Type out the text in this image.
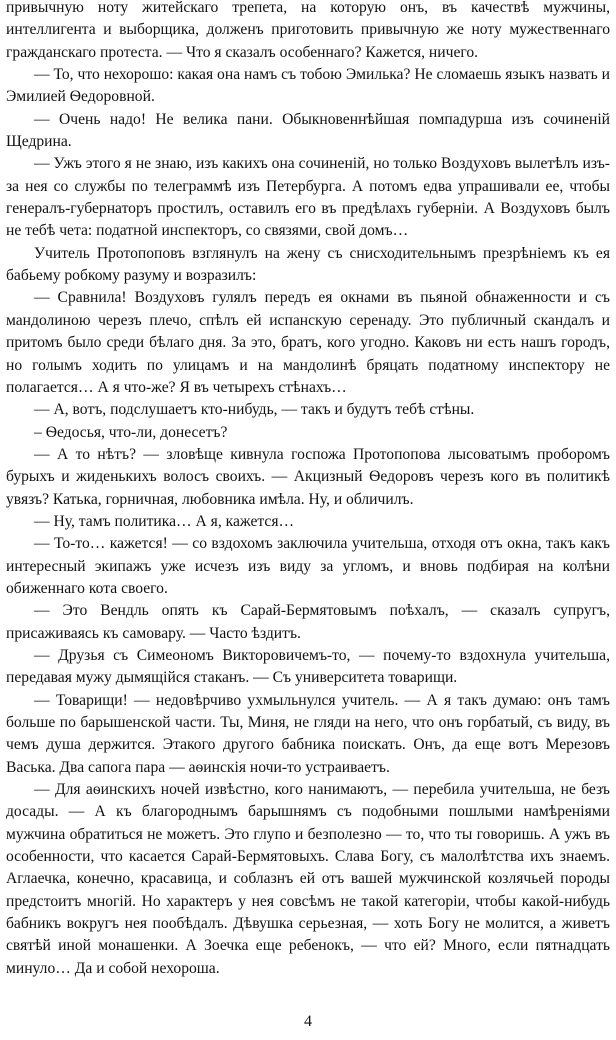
привычную ноту житейскаго трепета, на которую онъ, въ качествѣ мужчины, интеллигента и выборщика, долженъ приготовить привычную же ноту мужественнаго гражданскаго протеста. — Что я сказалъ особеннаго? Кажется, ничего.

— То, что нехорошо: какая она намъ съ тобою Эмилька? Не сломаешь языкъ назвать и Эмилией Ѳедоровной.

— Очень надо! Не велика пани. Обыкновеннѣйшая помпадурша изъ сочиненій Щедрина.

— Ужъ этого я не знаю, изъ какихъ она сочиненій, но только Воздуховъ вылетѣлъ изъ-за нея со службы по телеграммѣ изъ Петербурга. А потомъ едва упрашивали ее, чтобы генералъ-губернаторъ простилъ, оставилъ его въ предѣлахъ губерніи. А Воздуховъ былъ не тебѣ чета: податной инспекторъ, со связями, свой домъ…

Учитель Протопоповъ взглянулъ на жену съ снисходительнымъ презрѣніемъ къ ея бабьему робкому разуму и возразилъ:

— Сравнила! Воздуховъ гулялъ передъ ея окнами въ пьяной обнаженности и съ мандолиною черезъ плечо, спѣлъ ей испанскую серенаду. Это публичный скандалъ и притомъ было среди бѣлаго дня. За это, братъ, кого угодно. Каковъ ни есть нашъ городъ, но голымъ ходить по улицамъ и на мандолинѣ бряцать податному инспектору не полагается… А я что-же? Я въ четырехъ стѣнахъ…

— А, вотъ, подслушаетъ кто-нибудь, — такъ и будутъ тебѣ стѣны.

– Ѳедосья, что-ли, донесетъ?

— А то нѣтъ? — зловѣще кивнула госпожа Протопопова лысоватымъ проборомъ бурыхъ и жиденькихъ волосъ своихъ. — Акцизный Ѳедоровъ черезъ кого въ политикѣ увязъ? Катька, горничная, любовника имѣла. Ну, и обличилъ.

— Ну, тамъ политика… А я, кажется…

— То-то… кажется! — со вздохомъ заключила учительша, отходя отъ окна, такъ какъ интересный экипажъ уже исчезъ изъ виду за угломъ, и вновь подбирая на колѣни обиженнаго кота своего.

— Это Вендль опять къ Сарай-Бермятовымъ поѣхалъ, — сказалъ супругъ, присаживаясь къ самовару. — Часто ѣздитъ.

— Друзья съ Симеономъ Викторовичемъ-то, — почему-то вздохнула учительша, передавая мужу дымящійся стаканъ. — Съ университета товарищи.

— Товарищи! — недовѣрчиво ухмыльнулся учитель. — А я такъ думаю: онъ тамъ больше по барышенской части. Ты, Миня, не гляди на него, что онъ горбатый, съ виду, въ чемъ душа держится. Этакого другого бабника поискать. Онъ, да еще вотъ Мерезовъ Васька. Два сапога пара — аѳинскія ночи-то устраиваетъ.

— Для аѳинскихъ ночей извѣстно, кого нанимаютъ, — перебила учительша, не безъ досады. — А къ благороднымъ барышнямъ съ подобными пошлыми намѣреніями мужчина обратиться не можетъ. Это глупо и безполезно — то, что ты говоришь. А ужъ въ особенности, что касается Сарай-Бермятовыхъ. Слава Богу, съ малолѣтства ихъ знаемъ. Аглаечка, конечно, красавица, и соблазнъ ей отъ вашей мужчинской козлячьей породы предстоитъ многій. Но характеръ у нея совсѣмъ не такой категоріи, чтобы какой-нибудь бабникъ вокругъ нея пообѣдалъ. Дѣвушка серьезная, — хоть Богу не молится, а живетъ святѣй иной монашенки. А Зоечка еще ребенокъ, — что ей? Много, если пятнадцать минуло… Да и собой нехороша.

4
